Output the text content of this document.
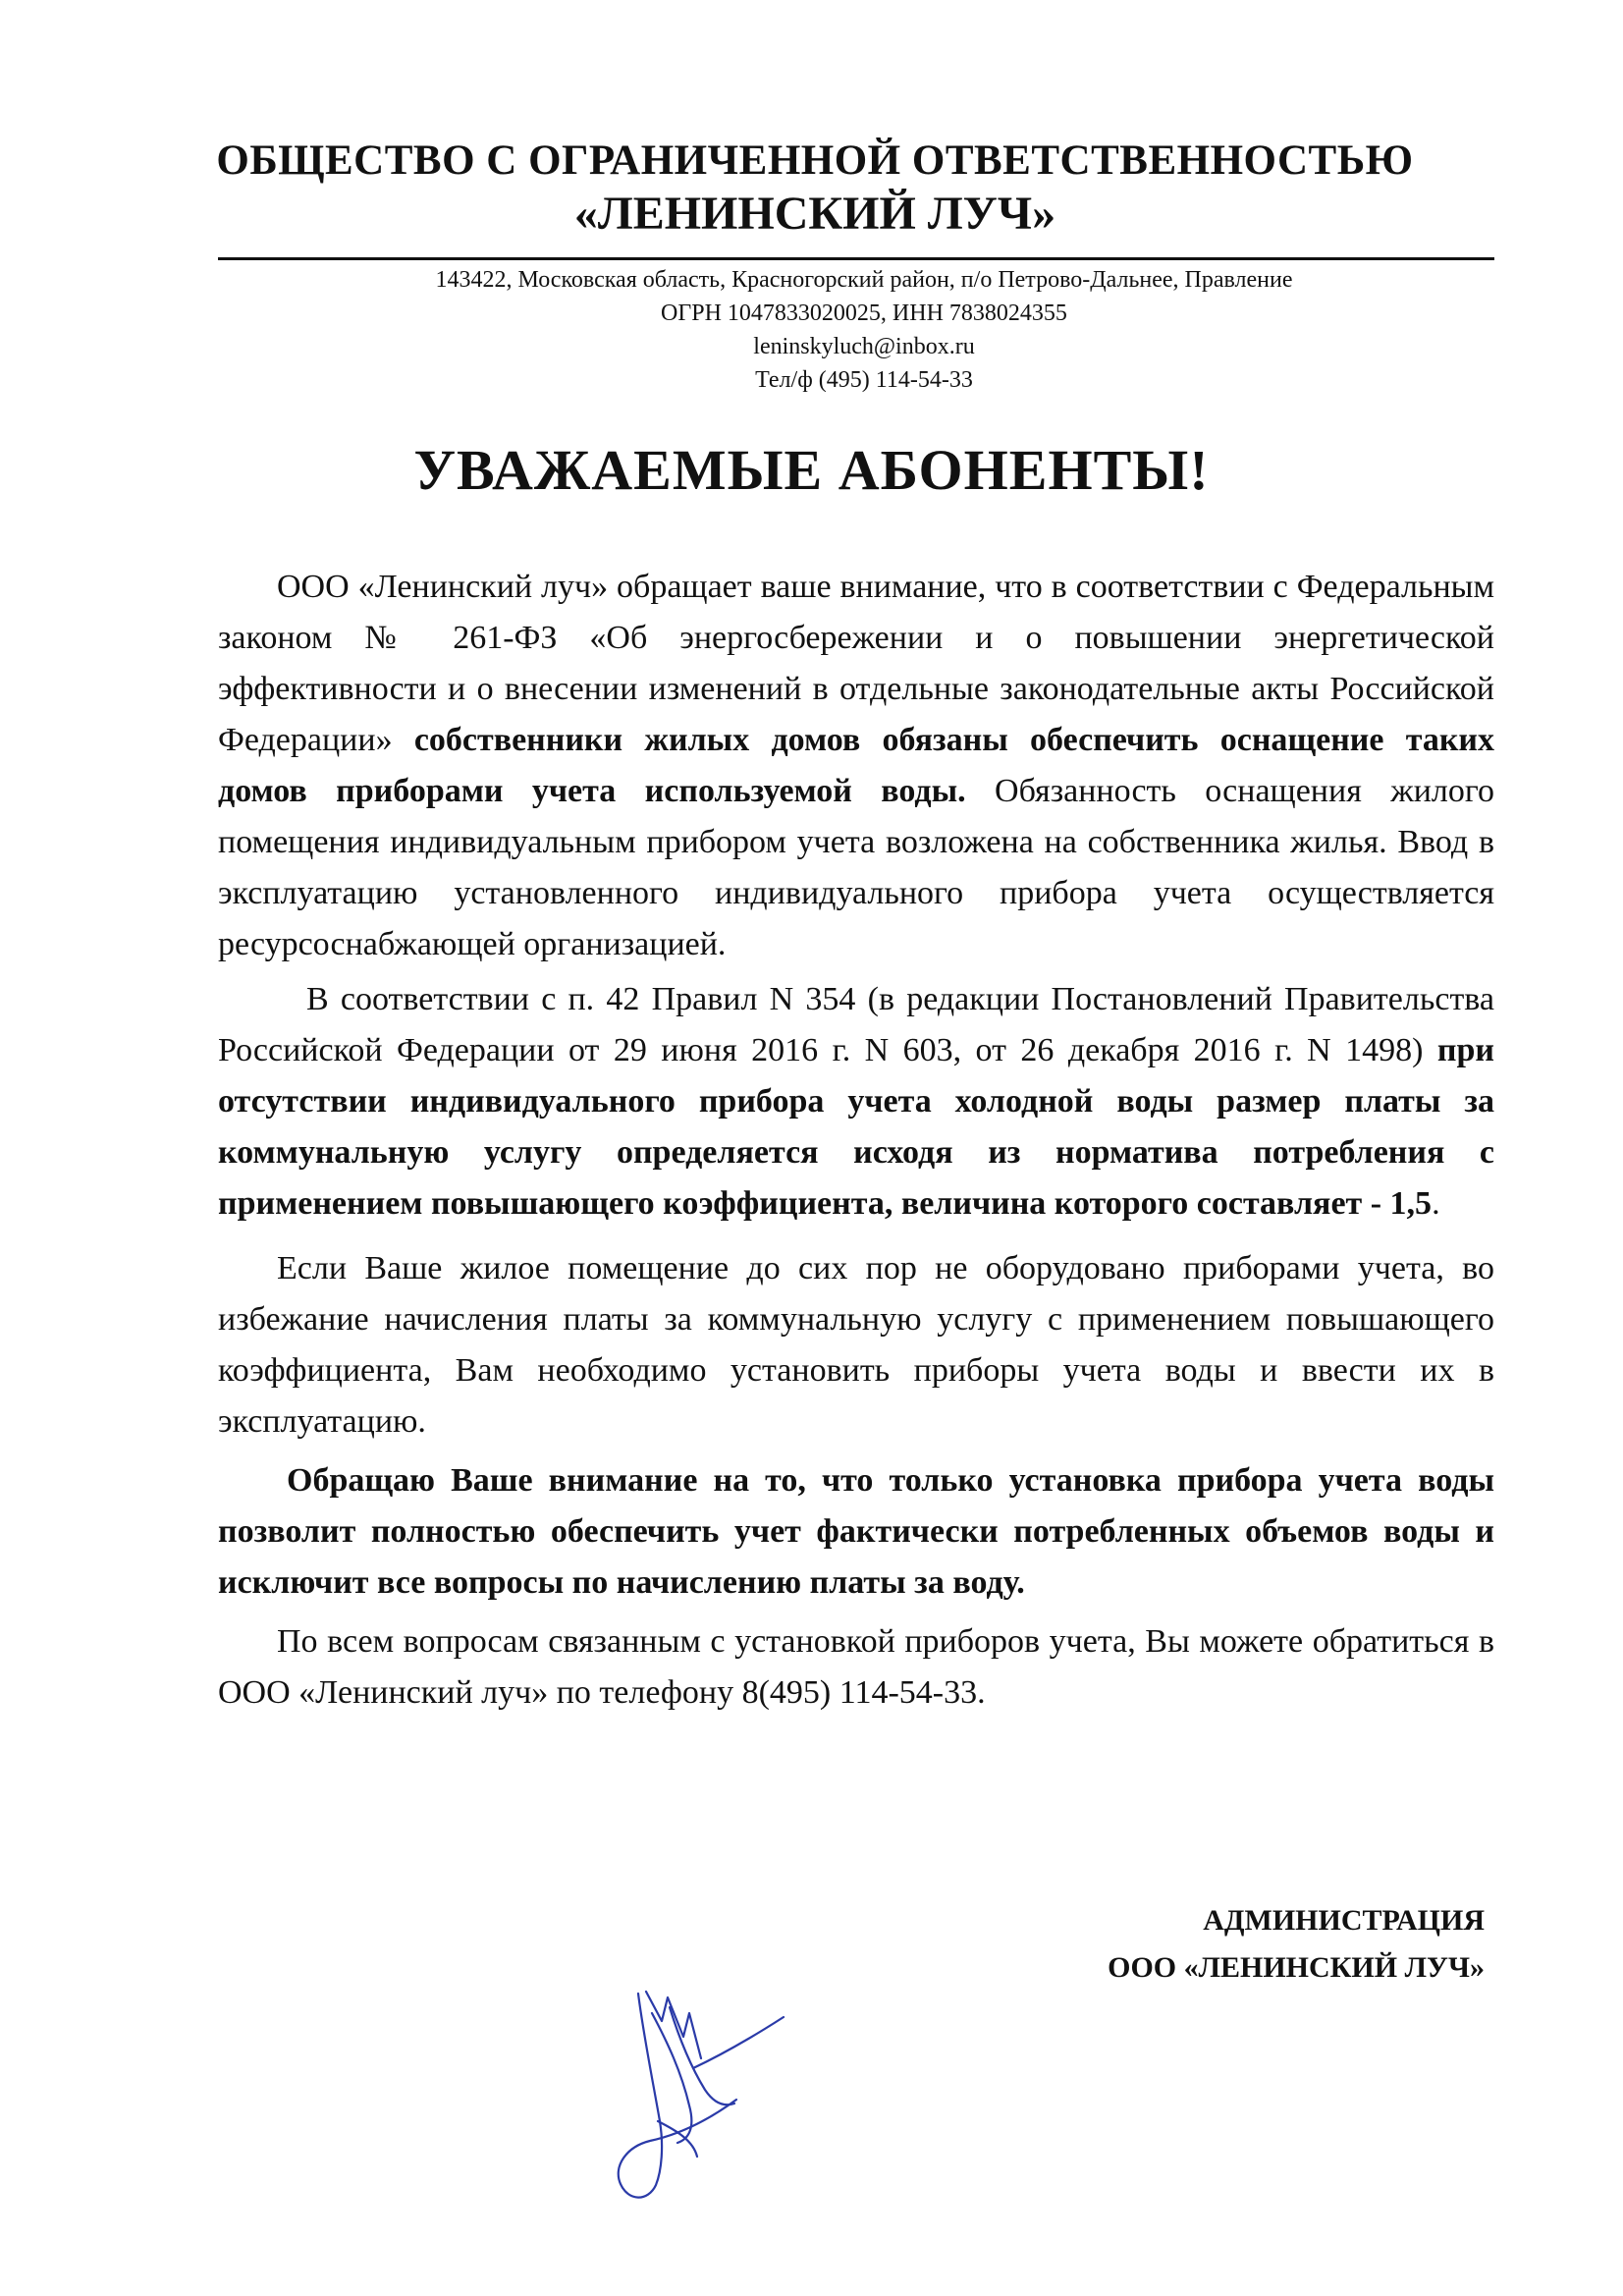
ОБЩЕСТВО С ОГРАНИЧЕННОЙ ОТВЕТСТВЕННОСТЬЮ
«ЛЕНИНСКИЙ ЛУЧ»
143422, Московская область, Красногорский район, п/о Петрово-Дальнее, Правление
ОГРН 1047833020025, ИНН 7838024355
leninskyluch@inbox.ru
Тел/ф (495) 114-54-33
УВАЖАЕМЫЕ АБОНЕНТЫ!

ООО «Ленинский луч» обращает ваше внимание, что в соответствии с Федеральным законом № 261-ФЗ «Об энергосбережении и о повышении энергетической эффективности и о внесении изменений в отдельные законодательные акты Российской Федерации» собственники жилых домов обязаны обеспечить оснащение таких домов приборами учета используемой воды. Обязанность оснащения жилого помещения индивидуальным прибором учета возложена на собственника жилья. Ввод в эксплуатацию установленного индивидуального прибора учета осуществляется ресурсоснабжающей организацией.

В соответствии с п. 42 Правил N 354 (в редакции Постановлений Правительства Российской Федерации от 29 июня 2016 г. N 603, от 26 декабря 2016 г. N 1498) при отсутствии индивидуального прибора учета холодной воды размер платы за коммунальную услугу определяется исходя из норматива потребления с применением повышающего коэффициента, величина которого составляет - 1,5.

Если Ваше жилое помещение до сих пор не оборудовано приборами учета, во избежание начисления платы за коммунальную услугу с применением повышающего коэффициента, Вам необходимо установить приборы учета воды и ввести их в эксплуатацию.

Обращаю Ваше внимание на то, что только установка прибора учета воды позволит полностью обеспечить учет фактически потребленных объемов воды и исключит все вопросы по начислению платы за воду.

По всем вопросам связанным с установкой приборов учета, Вы можете обратиться в ООО «Ленинский луч» по телефону 8(495) 114-54-33.

АДМИНИСТРАЦИЯ
ООО «ЛЕНИНСКИЙ ЛУЧ»
